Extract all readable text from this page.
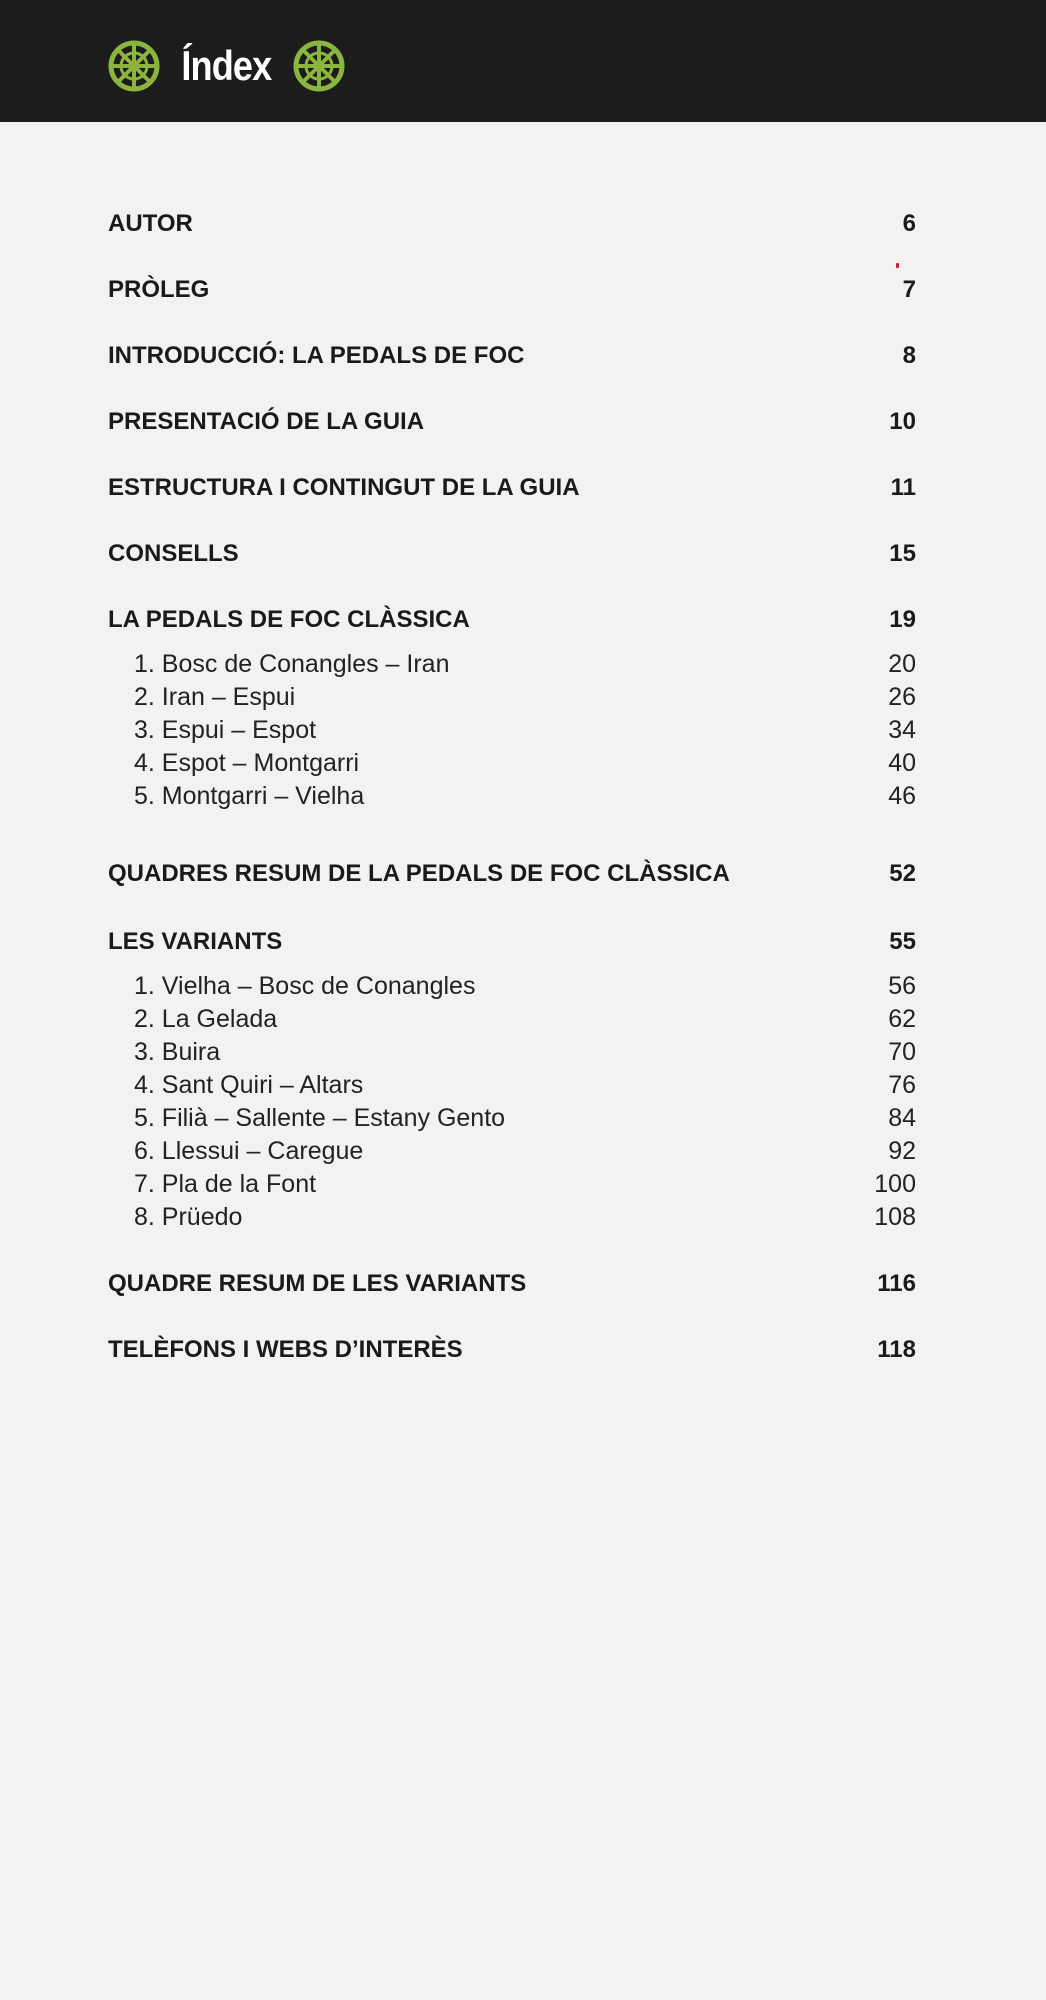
Índex
AUTOR	6
PRÒLEG	7
INTRODUCCIÓ: LA PEDALS DE FOC	8
PRESENTACIÓ DE LA GUIA	10
ESTRUCTURA I CONTINGUT DE LA GUIA	11
CONSELLS	15
LA PEDALS DE FOC CLÀSSICA	19
1. Bosc de Conangles – Iran	20
2. Iran – Espui	26
3. Espui – Espot	34
4. Espot – Montgarri	40
5. Montgarri – Vielha	46
QUADRES RESUM DE LA PEDALS DE FOC CLÀSSICA	52
LES VARIANTS	55
1. Vielha – Bosc de Conangles	56
2. La Gelada	62
3. Buira	70
4. Sant Quiri – Altars	76
5. Filià – Sallente – Estany Gento	84
6. Llessui – Caregue	92
7. Pla de la Font	100
8. Prüedo	108
QUADRE RESUM DE LES VARIANTS	116
TELÈFONS I WEBS D’INTERÈS	118
